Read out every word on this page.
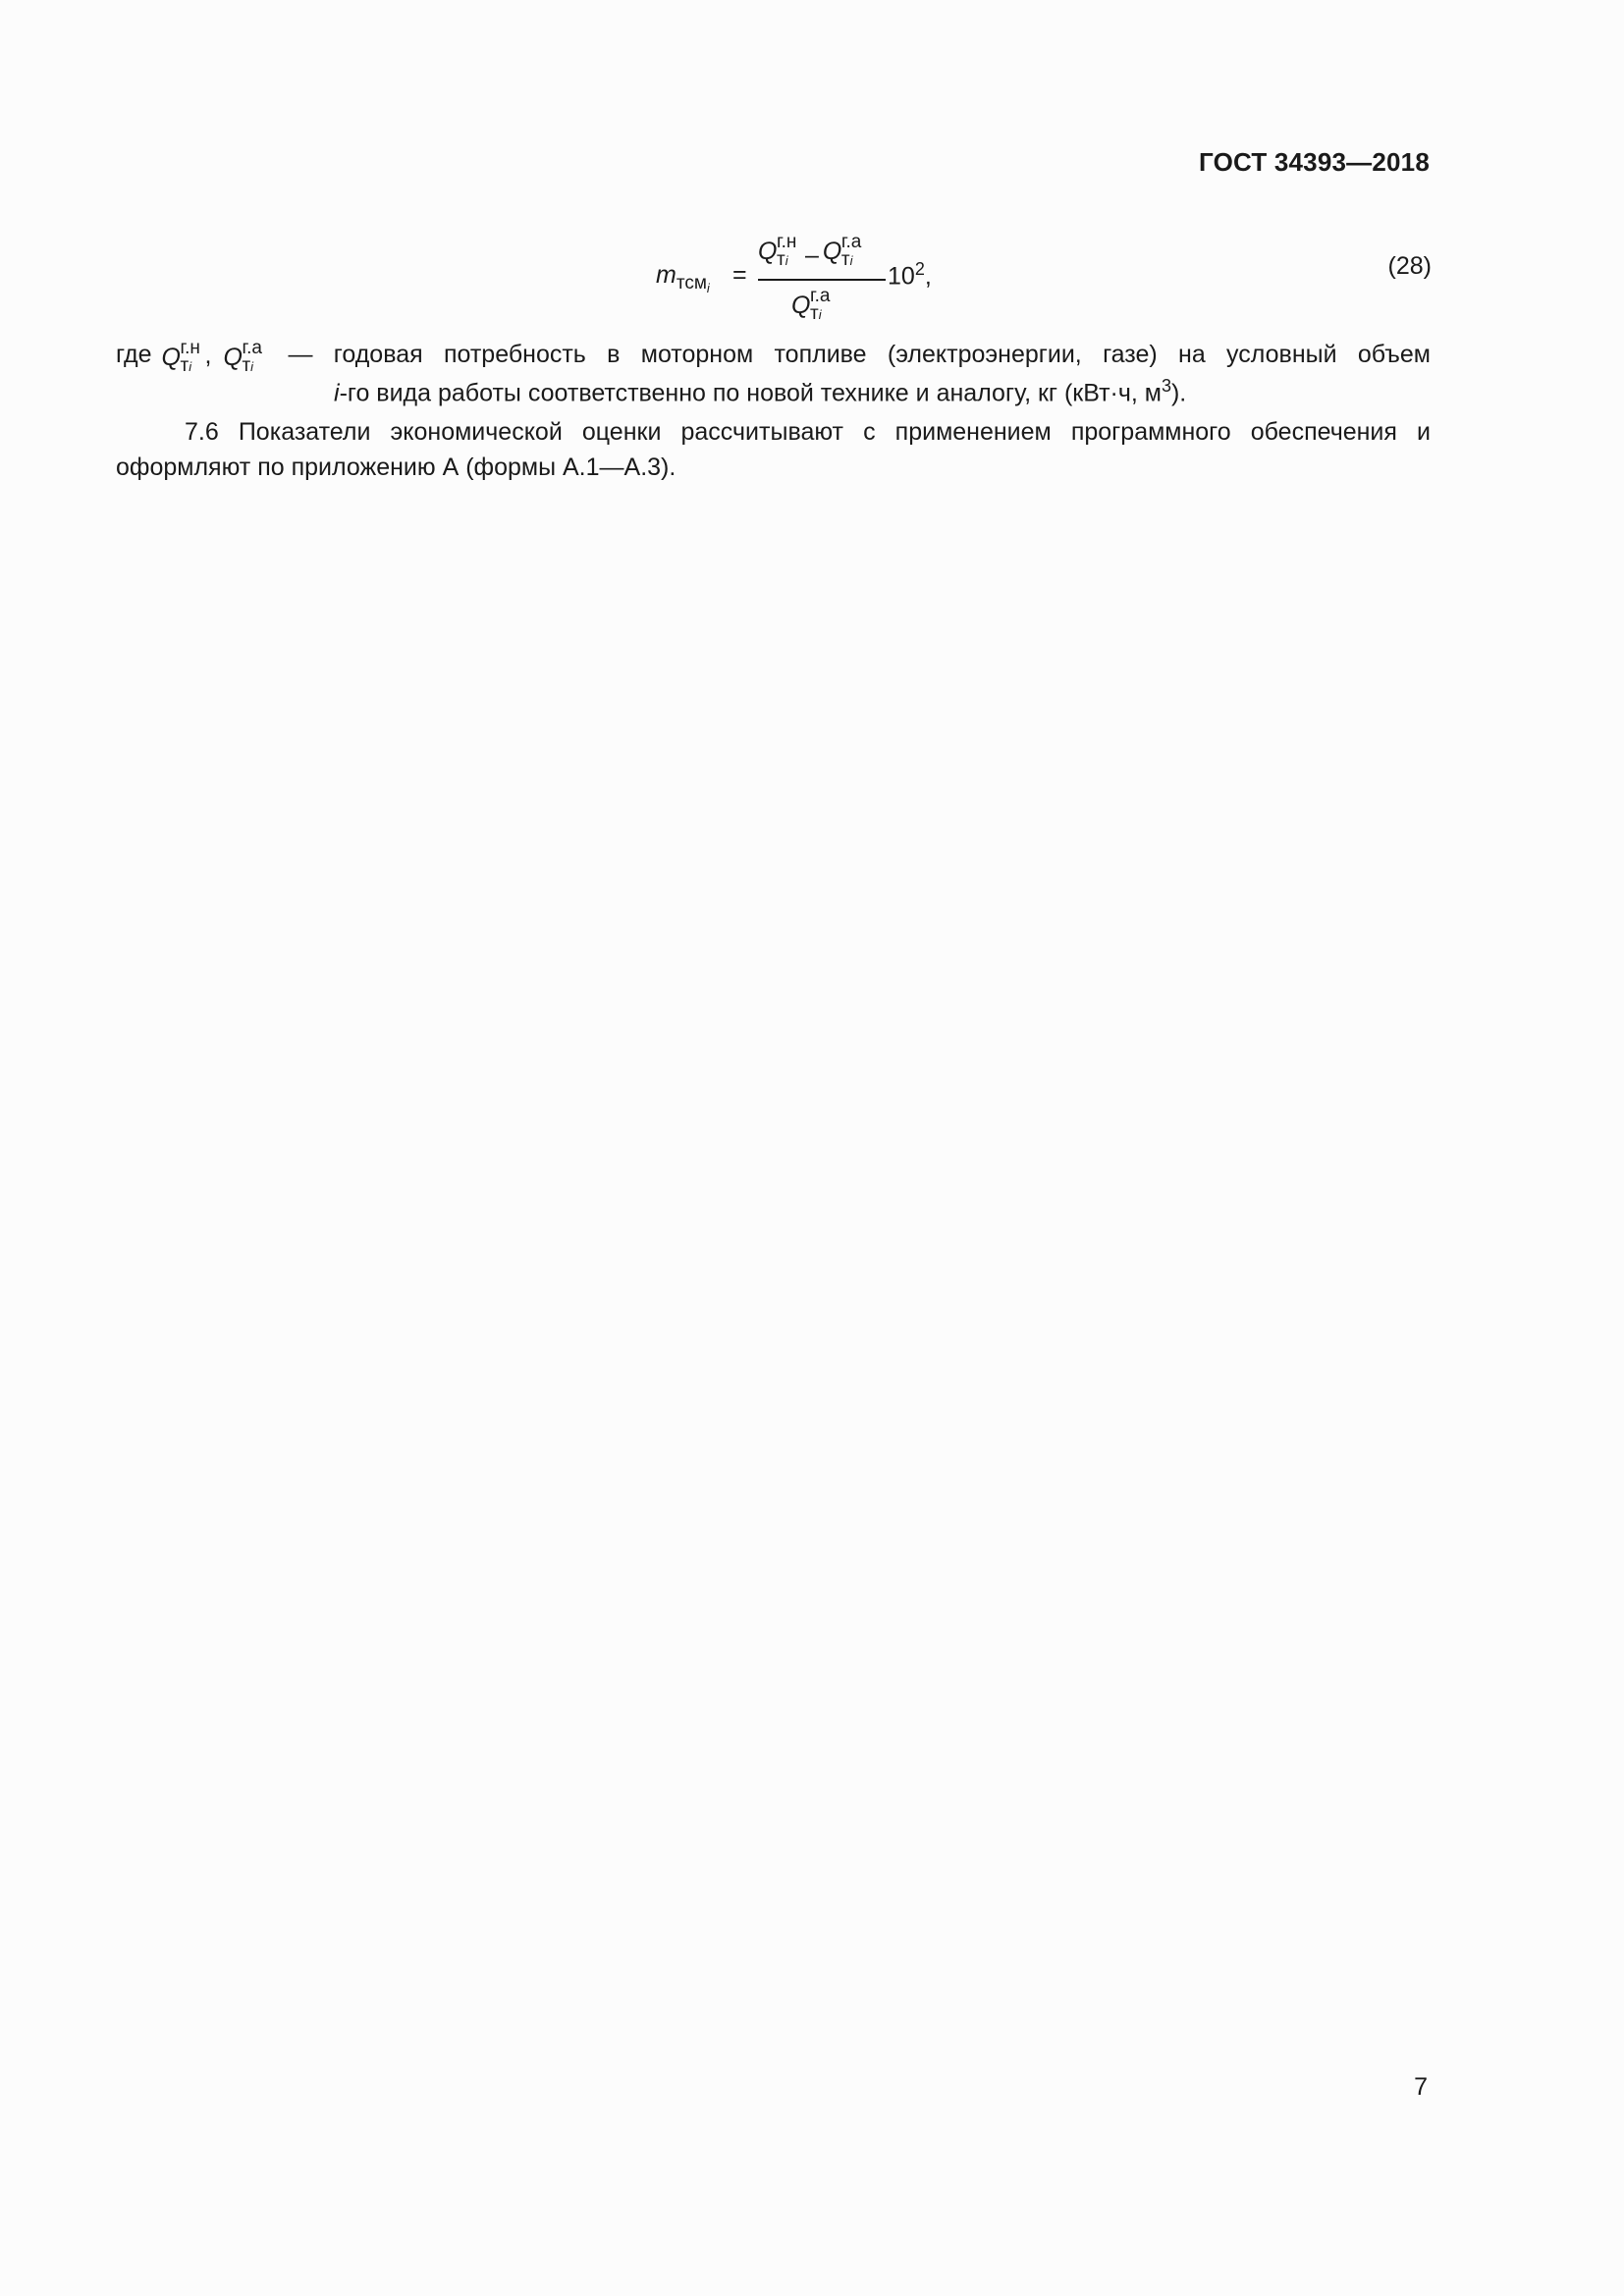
ГОСТ 34393—2018
$m_{тсм_i}$ =
Q г.н
тi – Q г.а
тi
Q г.а
тi
$10^2$,	(28)
где Q г.н
тi , Q г.а
тi — годовая потребность в моторном топливе (электроэнергии, газе) на условный объем
i-го вида работы соответственно по новой технике и аналогу, кг (кВт·ч, $м^3$).
7.6 Показатели экономической оценки рассчитывают с применением программного обеспечения и оформляют по приложению А (формы А.1—А.3).
7
